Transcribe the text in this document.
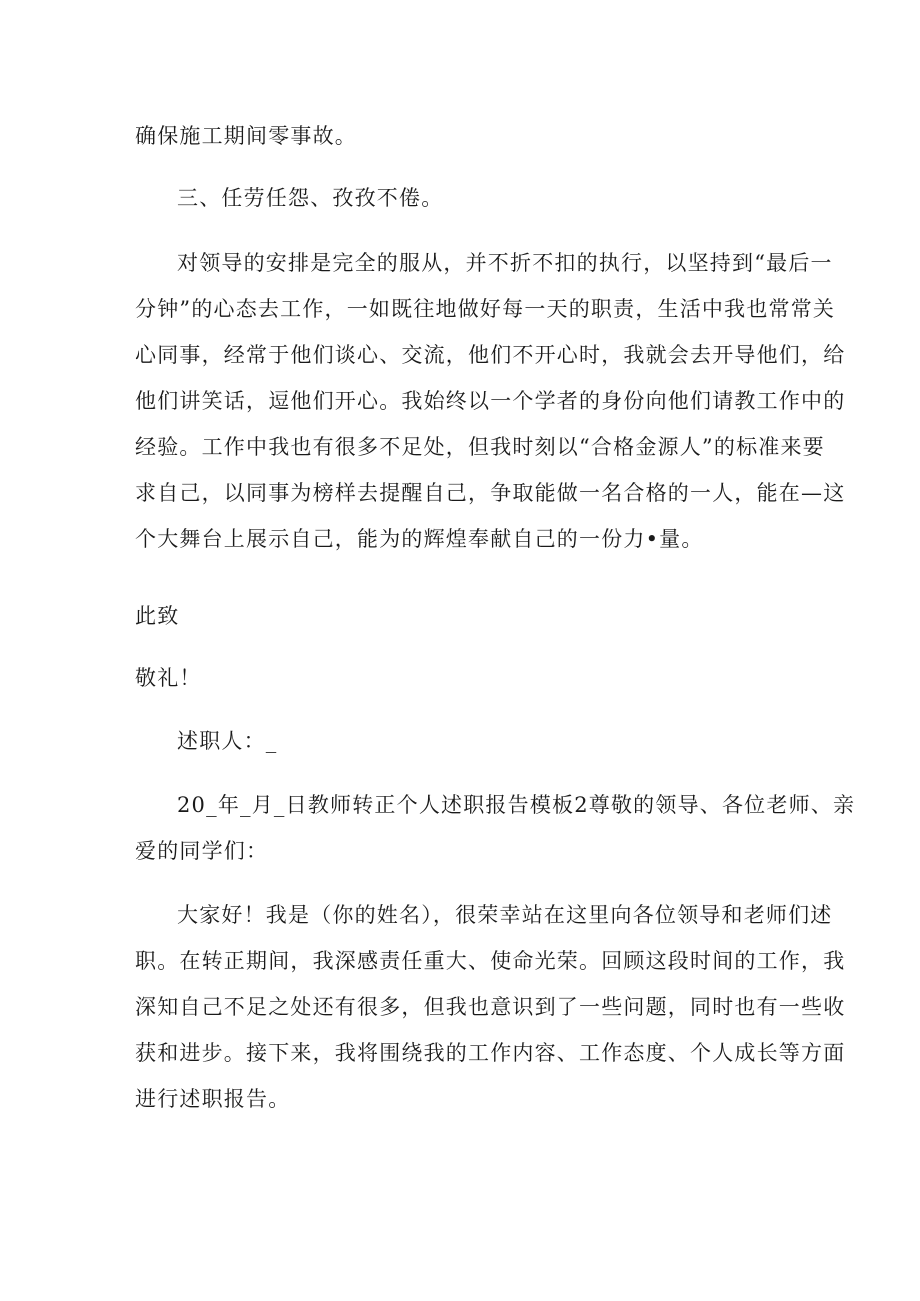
确保施工期间零事故。

三、任劳任怨、孜孜不倦。

对领导的安排是完全的服从，并不折不扣的执行，以坚持到“最后一
分钟”的心态去工作，一如既往地做好每一天的职责，生活中我也常常关
心同事，经常于他们谈心、交流，他们不开心时，我就会去开导他们，给
他们讲笑话，逗他们开心。我始终以一个学者的身份向他们请教工作中的
经验。工作中我也有很多不足处，但我时刻以“合格金源人”的标准来要
求自己，以同事为榜样去提醒自己，争取能做一名合格的一人，能在—这
个大舞台上展示自己，能为的辉煌奉献自己的一份力•量。

此致

敬礼！

述职人：_

20_年_月_日教师转正个人述职报告模板2尊敬的领导、各位老师、亲
爱的同学们：

大家好！我是（你的姓名），很荣幸站在这里向各位领导和老师们述
职。在转正期间，我深感责任重大、使命光荣。回顾这段时间的工作，我
深知自己不足之处还有很多，但我也意识到了一些问题，同时也有一些收
获和进步。接下来，我将围绕我的工作内容、工作态度、个人成长等方面
进行述职报告。
